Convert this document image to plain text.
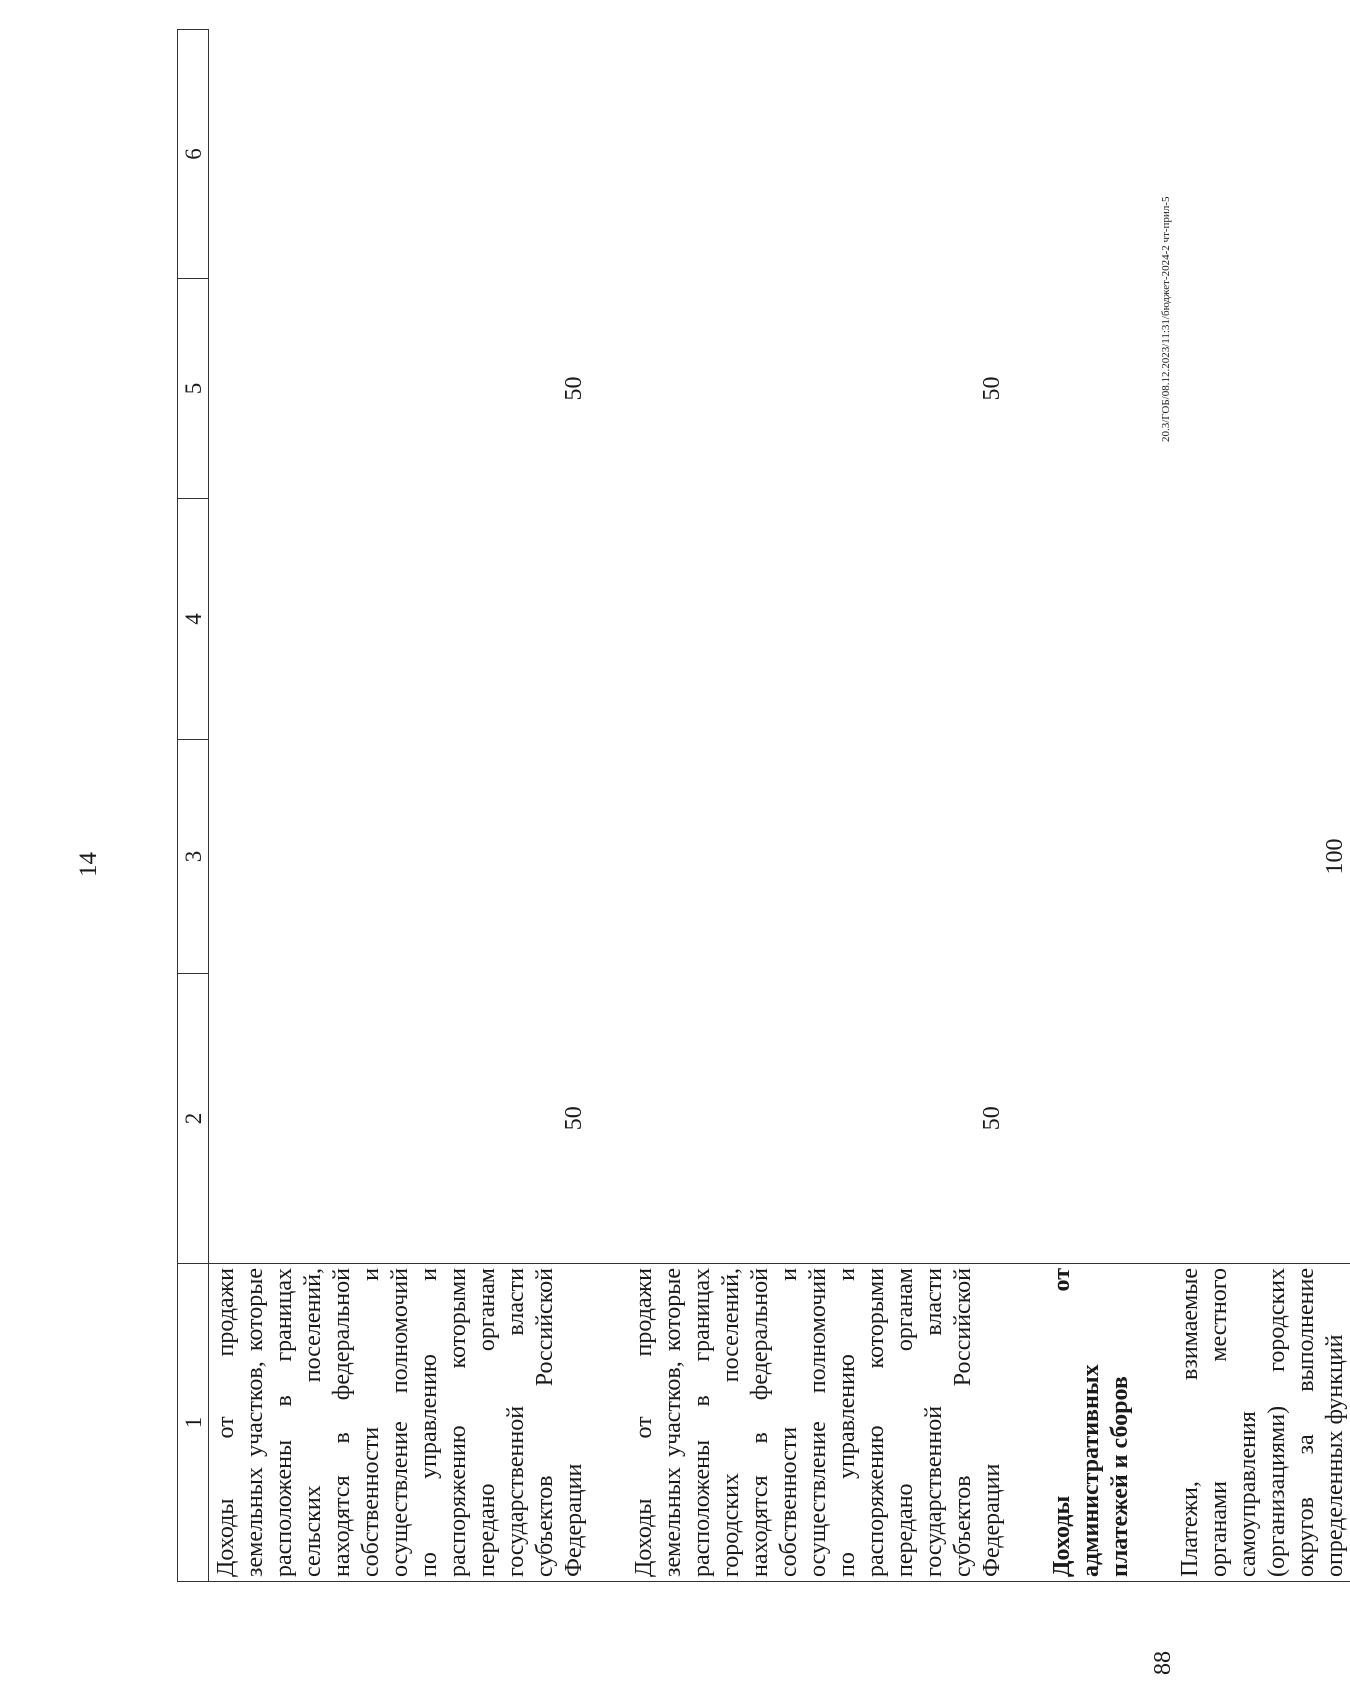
14
1	2	3	4	5	6
Доходы от продажи земельных участков, которые расположены в границах сельских поселений, находятся в федеральной собственности и осуществление полномочий по управлению и распоряжению которыми передано органам государственной власти субъектов Российской Федерации	50			50	

Доходы от продажи земельных участков, которые расположены в границах городских поселений, находятся в федеральной собственности и осуществление полномочий по управлению и распоряжению которыми передано органам государственной власти субъектов Российской Федерации	50			50	

Доходы от административных платежей и сборов					

Платежи, взимаемые органами местного самоуправления (организациями) городских округов за выполнение определенных функций		100			
20.3/ГОБ/08.12.2023/11:31/бюджет-2024-2 чт-прил-5
88
